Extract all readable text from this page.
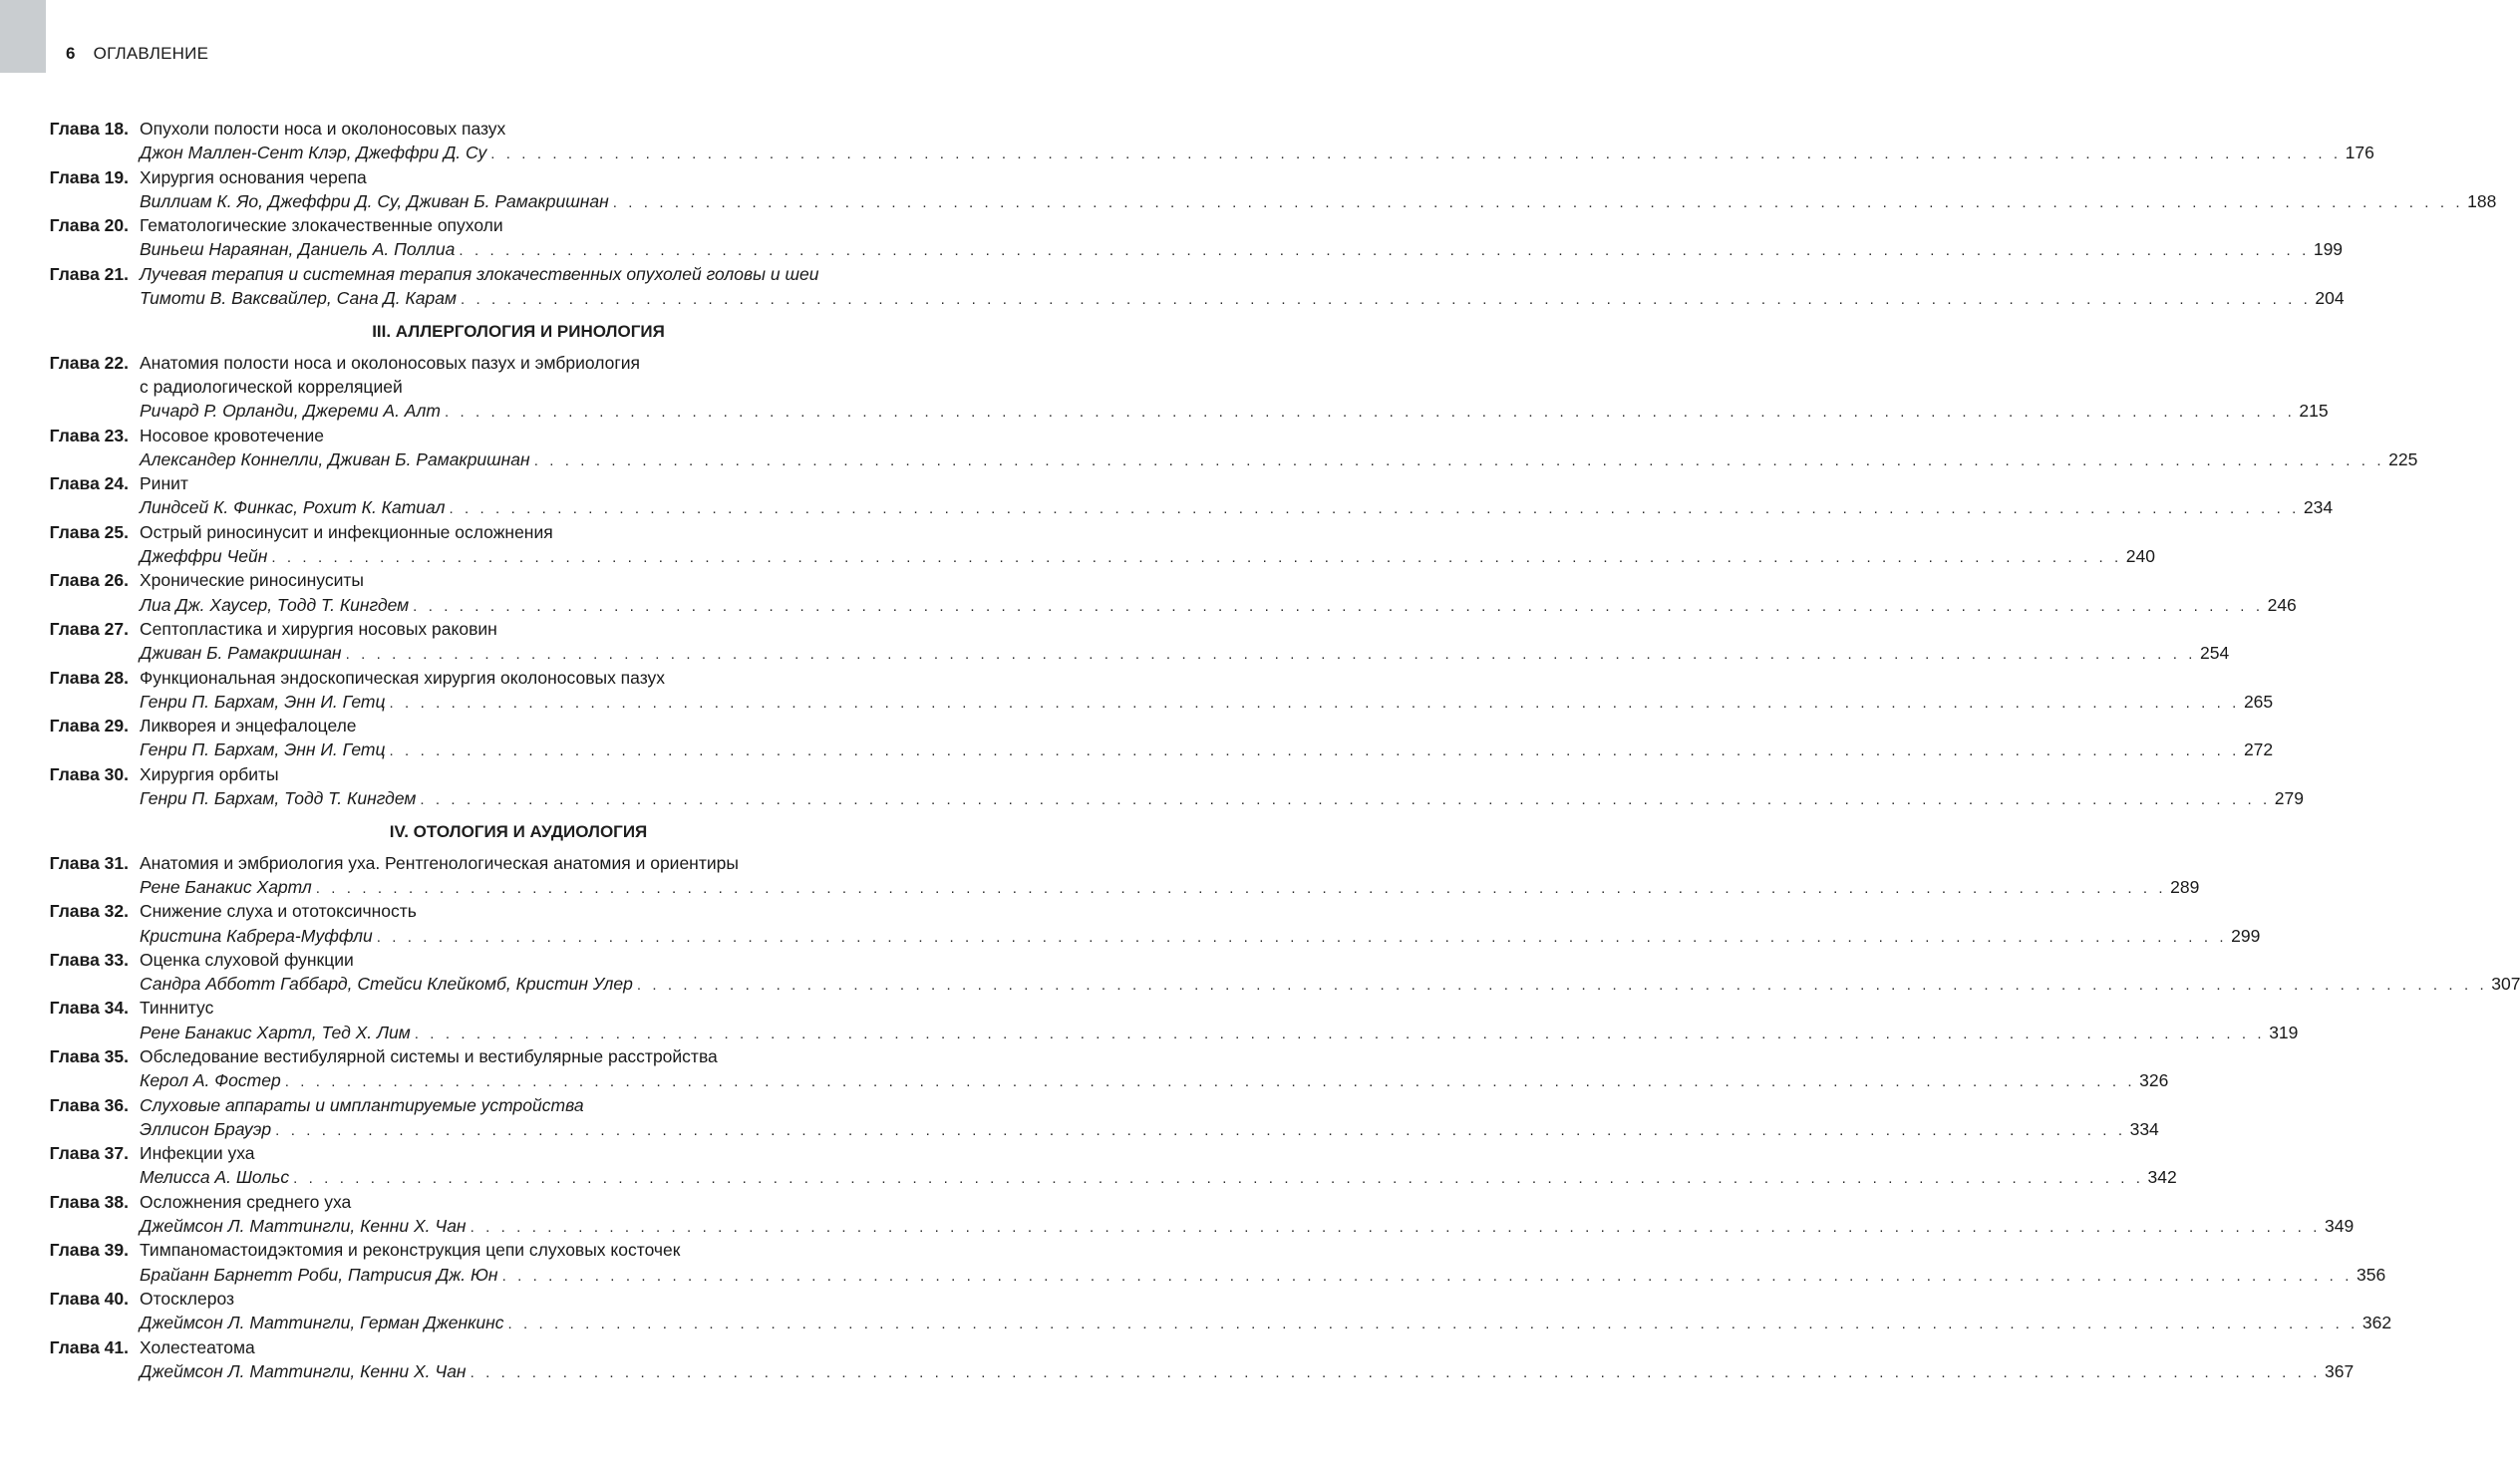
6 ОГЛАВЛЕНИЕ
Глава 18. Опухоли полости носа и околоносовых пазух
Джон Маллен-Сент Клэр, Джеффри Д. Су . . . . . . . . . . . . . . . . . . . . . . . . . . . . . . . . . . . . . . . . . . . . . . . . . . . . . . . . . . . . . . . . . . . . . . . . . . . . . . . . . . . . . . . . . . . . . . . . . . . . . . . . . . . . . . . . . . . . . . . . 176
Глава 19. Хирургия основания черепа
Виллиам К. Яо, Джеффри Д. Су, Дживан Б. Рамакришнан . . . . . . . . . . . . . . . . . . . . . . . . . . . . . . . . . . . . . . . . . . . . . . . . . . . . . . . . . . . . . . . . . . . . . . . . . . . . . . . . . . . . . . . . . . . . . . . . . . . . . . . . . . . . . . . . . . . . . . . . 188
Глава 20. Гематологические злокачественные опухоли
Виньеш Нараянан, Даниель А. Поллиа . . . . . . . . . . . . . . . . . . . . . . . . . . . . . . . . . . . . . . . . . . . . . . . . . . . . . . . . . . . . . . . . . . . . . . . . . . . . . . . . . . . . . . . . . . . . . . . . . . . . . . . . . . . . . . . . . . . . . . . . 199
Глава 21. Лучевая терапия и системная терапия злокачественных опухолей головы и шеи
Тимоти В. Ваксвайлер, Сана Д. Карам . . . . . . . . . . . . . . . . . . . . . . . . . . . . . . . . . . . . . . . . . . . . . . . . . . . . . . . . . . . . . . . . . . . . . . . . . . . . . . . . . . . . . . . . . . . . . . . . . . . . . . . . . . . . . . . . . . . . . . . . 204
III. АЛЛЕРГОЛОГИЯ И РИНОЛОГИЯ
Глава 22. Анатомия полости носа и околоносовых пазух и эмбриология
с радиологической корреляцией
Ричард Р. Орланди, Джереми А. Алт . . . . . . . . . . . . . . . . . . . . . . . . . . . . . . . . . . . . . . . . . . . . . . . . . . . . . . . . . . . . . . . . . . . . . . . . . . . . . . . . . . . . . . . . . . . . . . . . . . . . . . . . . . . . . . . . . . . . . . . . 215
Глава 23. Носовое кровотечение
Александер Коннелли, Дживан Б. Рамакришнан . . . . . . . . . . . . . . . . . . . . . . . . . . . . . . . . . . . . . . . . . . . . . . . . . . . . . . . . . . . . . . . . . . . . . . . . . . . . . . . . . . . . . . . . . . . . . . . . . . . . . . . . . . . . . . . . . . . . . . . . 225
Глава 24. Ринит
Линдсей К. Финкас, Рохит К. Катиал . . . . . . . . . . . . . . . . . . . . . . . . . . . . . . . . . . . . . . . . . . . . . . . . . . . . . . . . . . . . . . . . . . . . . . . . . . . . . . . . . . . . . . . . . . . . . . . . . . . . . . . . . . . . . . . . . . . . . . . . 234
Глава 25. Острый риносинусит и инфекционные осложнения
Джеффри Чейн . . . . . . . . . . . . . . . . . . . . . . . . . . . . . . . . . . . . . . . . . . . . . . . . . . . . . . . . . . . . . . . . . . . . . . . . . . . . . . . . . . . . . . . . . . . . . . . . . . . . . . . . . . . . . . . . . . . . . . . . 240
Глава 26. Хронические риносинуситы
Лиа Дж. Хаусер, Тодд Т. Кингдем . . . . . . . . . . . . . . . . . . . . . . . . . . . . . . . . . . . . . . . . . . . . . . . . . . . . . . . . . . . . . . . . . . . . . . . . . . . . . . . . . . . . . . . . . . . . . . . . . . . . . . . . . . . . . . . . . . . . . . . . 246
Глава 27. Септопластика и хирургия носовых раковин
Дживан Б. Рамакришнан . . . . . . . . . . . . . . . . . . . . . . . . . . . . . . . . . . . . . . . . . . . . . . . . . . . . . . . . . . . . . . . . . . . . . . . . . . . . . . . . . . . . . . . . . . . . . . . . . . . . . . . . . . . . . . . . . . . . . . . . 254
Глава 28. Функциональная эндоскопическая хирургия околоносовых пазух
Генри П. Бархам, Энн И. Гетц . . . . . . . . . . . . . . . . . . . . . . . . . . . . . . . . . . . . . . . . . . . . . . . . . . . . . . . . . . . . . . . . . . . . . . . . . . . . . . . . . . . . . . . . . . . . . . . . . . . . . . . . . . . . . . . . . . . . . . . . 265
Глава 29. Ликворея и энцефалоцеле
Генри П. Бархам, Энн И. Гетц . . . . . . . . . . . . . . . . . . . . . . . . . . . . . . . . . . . . . . . . . . . . . . . . . . . . . . . . . . . . . . . . . . . . . . . . . . . . . . . . . . . . . . . . . . . . . . . . . . . . . . . . . . . . . . . . . . . . . . . . 272
Глава 30. Хирургия орбиты
Генри П. Бархам, Тодд Т. Кингдем . . . . . . . . . . . . . . . . . . . . . . . . . . . . . . . . . . . . . . . . . . . . . . . . . . . . . . . . . . . . . . . . . . . . . . . . . . . . . . . . . . . . . . . . . . . . . . . . . . . . . . . . . . . . . . . . . . . . . . . . 279
IV. ОТОЛОГИЯ И АУДИОЛОГИЯ
Глава 31. Анатомия и эмбриология уха. Рентгенологическая анатомия и ориентиры
Рене Банакис Хартл . . . . . . . . . . . . . . . . . . . . . . . . . . . . . . . . . . . . . . . . . . . . . . . . . . . . . . . . . . . . . . . . . . . . . . . . . . . . . . . . . . . . . . . . . . . . . . . . . . . . . . . . . . . . . . . . . . . . . . . . 289
Глава 32. Снижение слуха и ототоксичность
Кристина Кабрера-Муффли . . . . . . . . . . . . . . . . . . . . . . . . . . . . . . . . . . . . . . . . . . . . . . . . . . . . . . . . . . . . . . . . . . . . . . . . . . . . . . . . . . . . . . . . . . . . . . . . . . . . . . . . . . . . . . . . . . . . . . . . 299
Глава 33. Оценка слуховой функции
Сандра Абботт Габбард, Стейси Клейкомб, Кристин Улер . . . . . . . . . . . . . . . . . . . . . . . . . . . . . . . . . . . . . . . . . . . . . . . . . . . . . . . . . . . . . . . . . . . . . . . . . . . . . . . . . . . . . . . . . . . . . . . . . . . . . . . . . . . . . . . . . . . . . . . . 307
Глава 34. Тиннитус
Рене Банакис Хартл, Тед Х. Лим . . . . . . . . . . . . . . . . . . . . . . . . . . . . . . . . . . . . . . . . . . . . . . . . . . . . . . . . . . . . . . . . . . . . . . . . . . . . . . . . . . . . . . . . . . . . . . . . . . . . . . . . . . . . . . . . . . . . . . . . 319
Глава 35. Обследование вестибулярной системы и вестибулярные расстройства
Керол А. Фостер . . . . . . . . . . . . . . . . . . . . . . . . . . . . . . . . . . . . . . . . . . . . . . . . . . . . . . . . . . . . . . . . . . . . . . . . . . . . . . . . . . . . . . . . . . . . . . . . . . . . . . . . . . . . . . . . . . . . . . . . 326
Глава 36. Слуховые аппараты и имплантируемые устройства
Эллисон Брауэр . . . . . . . . . . . . . . . . . . . . . . . . . . . . . . . . . . . . . . . . . . . . . . . . . . . . . . . . . . . . . . . . . . . . . . . . . . . . . . . . . . . . . . . . . . . . . . . . . . . . . . . . . . . . . . . . . . . . . . . . 334
Глава 37. Инфекции уха
Мелисса А. Шольс . . . . . . . . . . . . . . . . . . . . . . . . . . . . . . . . . . . . . . . . . . . . . . . . . . . . . . . . . . . . . . . . . . . . . . . . . . . . . . . . . . . . . . . . . . . . . . . . . . . . . . . . . . . . . . . . . . . . . . . . 342
Глава 38. Осложнения среднего уха
Джеймсон Л. Маттингли, Кенни Х. Чан . . . . . . . . . . . . . . . . . . . . . . . . . . . . . . . . . . . . . . . . . . . . . . . . . . . . . . . . . . . . . . . . . . . . . . . . . . . . . . . . . . . . . . . . . . . . . . . . . . . . . . . . . . . . . . . . . . . . . . . . 349
Глава 39. Тимпаномастоидэктомия и реконструкция цепи слуховых косточек
Брайанн Барнетт Роби, Патрисия Дж. Юн . . . . . . . . . . . . . . . . . . . . . . . . . . . . . . . . . . . . . . . . . . . . . . . . . . . . . . . . . . . . . . . . . . . . . . . . . . . . . . . . . . . . . . . . . . . . . . . . . . . . . . . . . . . . . . . . . . . . . . . . 356
Глава 40. Отосклероз
Джеймсон Л. Маттингли, Герман Дженкинс . . . . . . . . . . . . . . . . . . . . . . . . . . . . . . . . . . . . . . . . . . . . . . . . . . . . . . . . . . . . . . . . . . . . . . . . . . . . . . . . . . . . . . . . . . . . . . . . . . . . . . . . . . . . . . . . . . . . . . . . 362
Глава 41. Холестеатома
Джеймсон Л. Маттингли, Кенни Х. Чан . . . . . . . . . . . . . . . . . . . . . . . . . . . . . . . . . . . . . . . . . . . . . . . . . . . . . . . . . . . . . . . . . . . . . . . . . . . . . . . . . . . . . . . . . . . . . . . . . . . . . . . . . . . . . . . . . . . . . . . . 367
